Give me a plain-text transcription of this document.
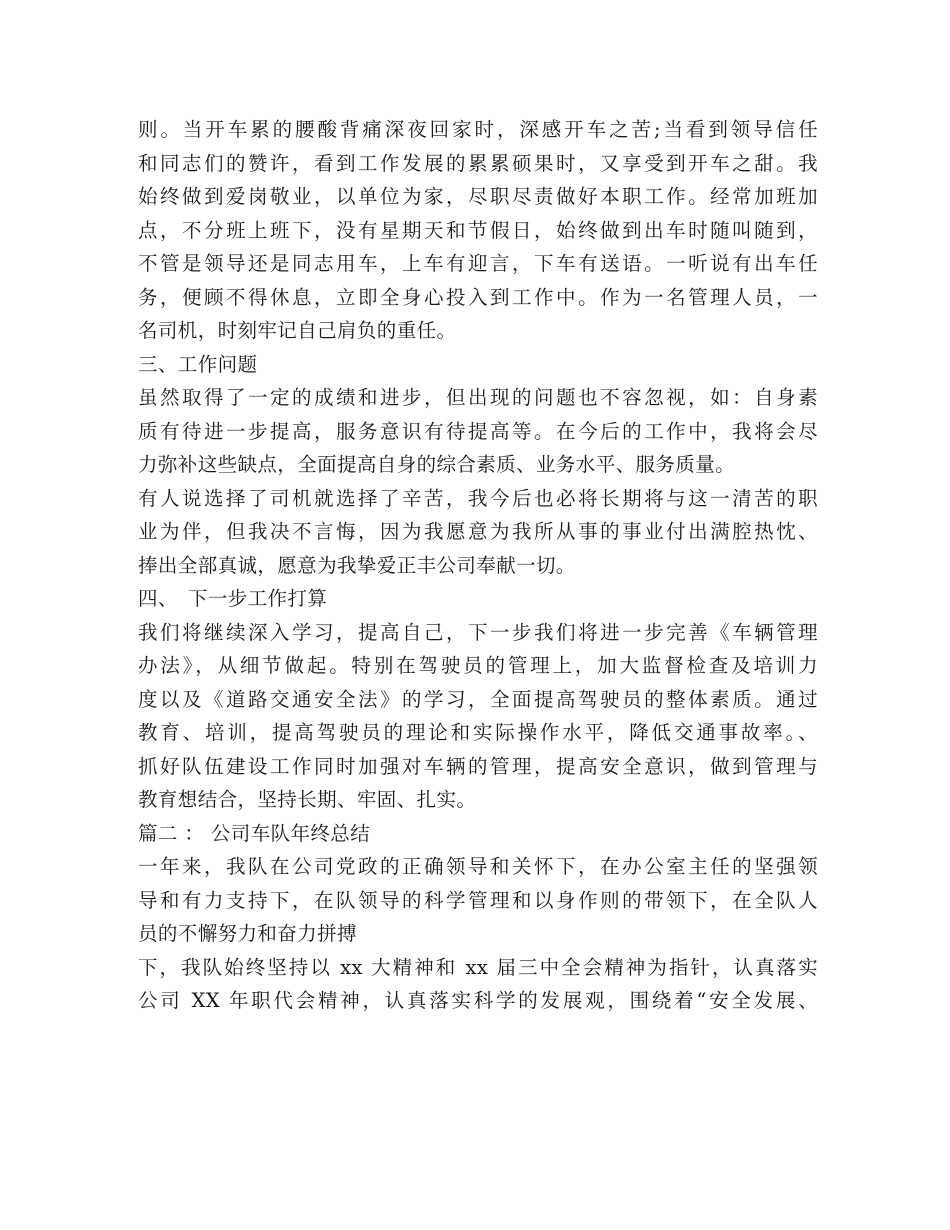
则。当开车累的腰酸背痛深夜回家时，深感开车之苦;当看到领导信任
和同志们的赞许，看到工作发展的累累硕果时，又享受到开车之甜。我
始终做到爱岗敬业，以单位为家，尽职尽责做好本职工作。经常加班加
点，不分班上班下，没有星期天和节假日，始终做到出车时随叫随到，
不管是领导还是同志用车，上车有迎言，下车有送语。一听说有出车任
务，便顾不得休息，立即全身心投入到工作中。作为一名管理人员，一
名司机，时刻牢记自己肩负的重任。
三、工作问题
虽然取得了一定的成绩和进步，但出现的问题也不容忽视，如：自身素
质有待进一步提高，服务意识有待提高等。在今后的工作中，我将会尽
力弥补这些缺点，全面提高自身的综合素质、业务水平、服务质量。
有人说选择了司机就选择了辛苦，我今后也必将长期将与这一清苦的职
业为伴，但我决不言悔，因为我愿意为我所从事的事业付出满腔热忱、
捧出全部真诚，愿意为我挚爱正丰公司奉献一切。
四、　下一步工作打算
我们将继续深入学习，提高自己，下一步我们将进一步完善《车辆管理
办法》，从细节做起。特别在驾驶员的管理上，加大监督检查及培训力
度以及《道路交通安全法》的学习，全面提高驾驶员的整体素质。通过
教育、培训，提高驾驶员的理论和实际操作水平，降低交通事故率。、
抓好队伍建设工作同时加强对车辆的管理，提高安全意识，做到管理与
教育想结合，坚持长期、牢固、扎实。
篇二 ： 公司车队年终总结
一年来，我队在公司党政的正确领导和关怀下，在办公室主任的坚强领
导和有力支持下，在队领导的科学管理和以身作则的带领下，在全队人
员的不懈努力和奋力拼搏
下，我队始终坚持以 xx 大精神和 xx 届三中全会精神为指针，认真落实
公司 XX 年职代会精神，认真落实科学的发展观，围绕着“安全发展、
